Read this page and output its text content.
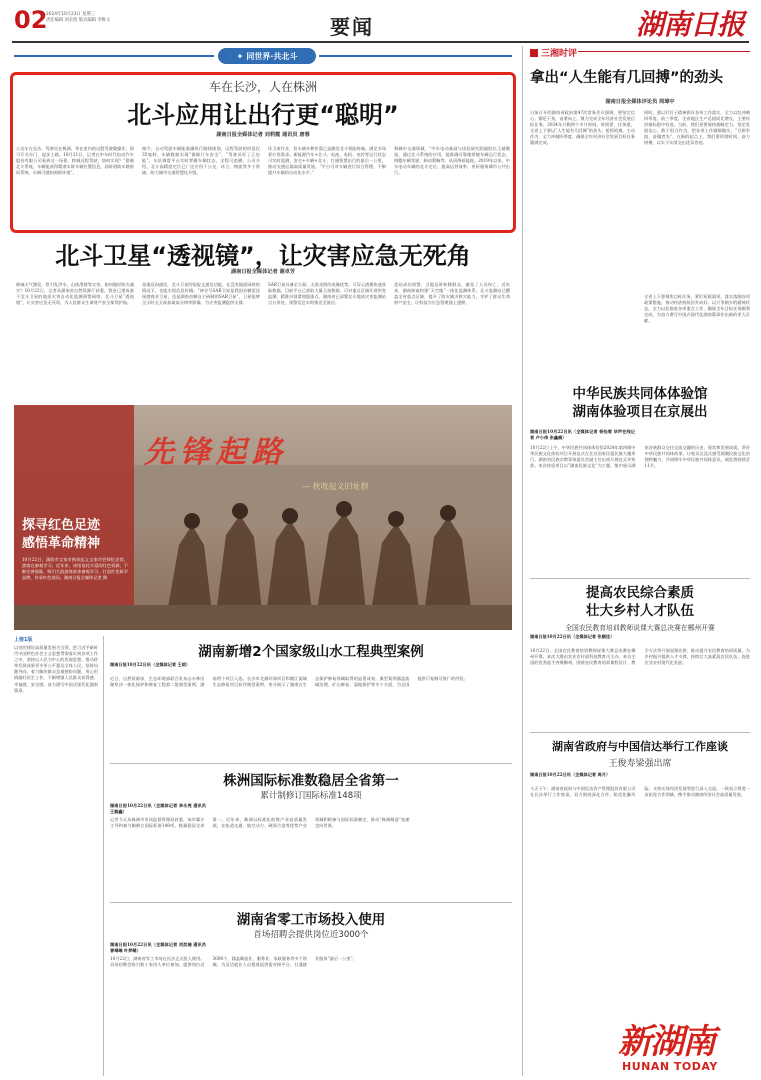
02
2024年10月23日 星期三
责任编辑 刘长胜 版式编辑 李维文	要闻	湖南日报
✦ 同世界·共北斗
车在长沙，人在株洲
北斗应用让出行更“聪明”
湖南日报全媒体记者 刘莉霞 通讯员 唐蓉
公交车在长沙，驾驶员在株洲。华在室内的远程驾驶舱操作，即可开关车门、起步上路。10月21日，记者在中车时代电动汽车股份有限公司看到这一场景。跨城远程驾驶，如何实现？“搭载北斗系统，车辆能获得精准实时车辆位置信息，同时借助车路协同系统，车辆可感知周围环境”。
指令，自动驾驶车辆能准确执行路线规划，远程驾驶的时延仅35毫秒。车辆数据实现“保障行车安全”，“驾驶员好了乙也能”，车队调度平台实时掌握车辆状态，全程可追溯。公司介绍，北斗高精度定位已广泛应用于公交、环卫、物流等多个领域，助力城市交通智慧化升级。
环卫或作业，但车辆多种作需已是随处北斗智能终端，满足多场景应用需求。新能源汽车+北斗，电池、电机、电控等运行状态可实时监测，安全+车辆+北斗，打通智慧出行的最后一公里，推动交通运输高质量发展。“平台可对车辆进行综合管理，不断提升车辆的自动化水平。”
和城市交通领域，“中车电动基础与试验研究院副院长王婧微说，通过北斗系统的应用，能准确可靠地掌握车辆运行状态，调整车辆驾驶，制动策略等，从而降低能耗。2019年以来，中车电动车辆的北斗定位，提高运营效率，更好服务城市公共出行。
三湘时评
拿出“人生能有几回搏”的劲头
湖南日报全媒体评论员 周璋中
日前召开的湖南省政府第47次常务会议强调，要坚定信心、铆足干劲，奋勇向上，聚力完成全年经济社会发展目标任务。2024年只剩两个多月时间，时间紧、任务重，全省上下要以“人生能有几回搏”的劲头，抢抓机遇、主动作为，全力冲刺四季度，确保全年经济社会发展目标任务圆满完成。
同时，要以钉钉子精神抓好各项工作落实，全力以赴冲刺四季度。前三季度，全省地区生产总值同比增长，主要经济指标稳中有进。当前，我们更要保持战略定力，坚定发展信心，敢于担当作为，把各项工作做细做实。“百舸争流，奋楫者先”。在新的起点上，我们要珍惜时间、奋力拼搏，以实干实绩交出优异答卷。
全省上下要聚焦目标任务，紧盯短板弱项，落实落细各项政策措施，推动经济持续回升向好。以只争朝夕的精神状态，全力以赴推进各项重点工作，确保全年目标任务顺利完成，为奋力谱写中国式现代化湖南篇章作出新的更大贡献。
北斗卫星“透视镜”，让灾害应急无死角
湖南日报全媒体记者 谢卓芳
极端天气频发，常引发洪水、山体滑坡等灾害，如何做好防灾减灾？10月22日，记者从湖南省自然资源厅获悉，我省已建成基于北斗卫星的地质灾害自动化监测预警网络，北斗卫星“透视镜”，让灾害应急无死角，为人民群众生命财产安全保驾护航。
星地双向通信，北斗卫星的短报文通信功能，在没有地面网络的情况下，也能实现信息传输。“神谷号SAR卫星是我国首颗雷达遥感商业卫星，也是湖南首颗自主研制的SAR卫星”，卫星能够全天时全天候获取高分辨率影像，为灾害监测提供支撑。
SAR卫星具备全天候、无需光照的成像优势，可穿云透雾快速获取数据。目前平台已获取大量卫星数据，可对重点区域开展形变监测，精准识别滑坡隐患点。湖南省已部署北斗地质灾害监测站点万余处，预警信息实时推送至基层。
壹站成功预警，当地及时转移群众，避免了人员伤亡。近年来，湖南探索构建“天空地”一体化监测体系，北斗监测站已覆盖全省重点区域，提升了防灾减灾救灾能力，守护了群众生命财产安全，让科技为应急管理插上翅膀。
先锋起路
— 秋收起义旧址群
探寻红色足迹
感悟革命精神
10月22日，浏阳市文家市秋收起义文家市会师纪念馆，游客在参观学习。近年来，该馆依托丰富的红色资源，不断完善展陈，吸引大批游客前来参观学习，打造红色研学品牌，传承红色基因。湖南日报全媒体记者 摄
中华民族共同体体验馆
湖南体验项目在京展出
湖南日报10月22日讯（全媒体记者 杨怡雪 华声在线记者 卢小伟 张鑫楠）
10月22日上午，中华民族共同体体验馆2024年第四期中华民族文化体验项目开展仪式在北京国家民委民族大楼举行。湖南省民族宗教事务委员会副主任出席开展仪式并致辞。本次体验项目以“湖南民族文化”为主题，集中展示湖南各族群众交往交流交融的历史、现状和发展成就，讲好中华民族共同体故事，让观众沉浸式感受湖湘民族文化的独特魅力，共同铸牢中华民族共同体意识。展览将持续至11月。
提高农民综合素质
壮大乡村人才队伍
全国农民教育培训教师说课大赛总决赛在郴州开赛
湖南日报10月22日讯（全媒体记者 张颐佳）
10月22日，全国农民教育培训教师说课大赛总决赛在郴州开赛。本次大赛由农业农村部科技教育司主办，来自全国的优秀选手齐聚郴州，围绕农民教育培训课程设计、教学方法等开展说课比拼，推动提升农民教育培训质量，为乡村振兴提供人才支撑，持续壮大高素质农民队伍，促进农业农村现代化发展。
湖南省政府与中国信达举行工作座谈
王俊寿梁强出席
湖南日报10月22日讯（全媒体记者 周月）
今天下午，湖南省政府与中国信达资产管理股份有限公司在长沙举行工作座谈。双方围绕深化合作、防范化解风险、支持实体经济发展等进行深入交流，一致表示将进一步拓宽合作领域，携手推动湖南经济社会高质量发展。
上接1版
以党的建设高质量发展为引领，把习近平新时代中国特色社会主义思想贯彻落实到各项工作之中，坚持以人民为中心的发展思想，推动改革发展成果更多更公平惠及全体人民。坚持问题导向，着力解决群众急难愁盼问题，用心用情做好民生工作，不断增强人民群众获得感、幸福感、安全感，奋力谱写中国式现代化湖南篇章。
湖南新增2个国家级山水工程典型案例
湖南日报10月22日讯（全媒体记者 王晗）
近日，自然资源部、生态环境部联合发布山水林田湖草沙一体化保护和修复工程第二批典型案例，湖南两个项目入选。长沙市北湖环保项目和湘江流域生态修复项目获评典型案例，充分展示了湖南在生态保护修复领域取得的显著成效。典型案例涵盖流域治理、矿山修复、湿地保护等多个方面，为全国提供可复制可推广的经验。
株洲国际标准数稳居全省第一
累计制修订国际标准148项
湖南日报10月22日讯（全媒体记者 李永亮 通讯员 王毅鑫）
记者今天从株洲市市场监督管理局获悉，该市累计主导和参与制修订国际标准148项，数量稳居全省第一。近年来，株洲以标准化助推产业高质量发展，在轨道交通、航空动力、硬质合金等优势产业领域积极参与国际标准制定，推动“株洲制造”加速走向世界。
湖南省零工市场投入使用
首场招聘会提供岗位近3000个
湖南日报10月22日讯（全媒体记者 刘奕楠 通讯员 曾琳琳 叶梦璐）
10月22日，湖南省零工市场在长沙正式投入使用。首场招聘会吸引数十家用人单位参加，提供岗位近3000个，涵盖制造业、服务业、家政服务等多个领域，为灵活就业人员搭建起供需对接平台，打通就业服务“最后一公里”。
新湖南
HUNAN TODAY
